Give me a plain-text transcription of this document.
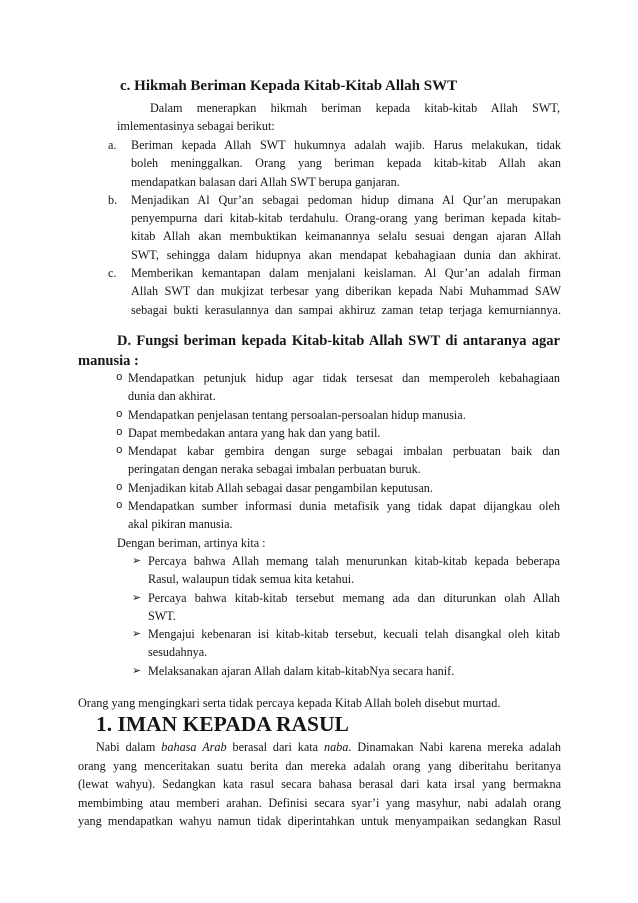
c. Hikmah Beriman Kepada Kitab-Kitab Allah SWT
Dalam menerapkan hikmah beriman kepada kitab-kitab Allah SWT,
imlementasinya sebagai berikut:
a. Beriman kepada Allah SWT hukumnya adalah wajib. Harus melakukan, tidak
boleh meninggalkan. Orang yang beriman kepada kitab-kitab Allah akan
mendapatkan balasan dari Allah SWT berupa ganjaran.
b. Menjadikan Al Qur’an sebagai pedoman hidup dimana Al Qur’an merupakan
penyempurna dari kitab-kitab terdahulu. Orang-orang yang beriman kepada kitab-
kitab Allah akan membuktikan keimanannya selalu sesuai dengan ajaran Allah
SWT, sehingga dalam hidupnya akan mendapat kebahagiaan dunia dan akhirat.
c. Memberikan kemantapan dalam menjalani keislaman. Al Qur’an adalah firman
Allah SWT dan mukjizat terbesar yang diberikan kepada Nabi Muhammad SAW
sebagai bukti kerasulannya dan sampai akhiruz zaman tetap terjaga kemurniannya.
D. Fungsi beriman kepada Kitab-kitab Allah SWT di antaranya agar
manusia :
o Mendapatkan petunjuk hidup agar tidak tersesat dan memperoleh kebahagiaan
dunia dan akhirat.
o Mendapatkan penjelasan tentang persoalan-persoalan hidup manusia.
o Dapat membedakan antara yang hak dan yang batil.
o Mendapat kabar gembira dengan surge sebagai imbalan perbuatan baik dan
peringatan dengan neraka sebagai imbalan perbuatan buruk.
o Menjadikan kitab Allah sebagai dasar pengambilan keputusan.
o Mendapatkan sumber informasi dunia metafisik yang tidak dapat dijangkau oleh
akal pikiran manusia.
Dengan beriman, artinya kita :
➢ Percaya bahwa Allah memang talah menurunkan kitab-kitab kepada beberapa
Rasul, walaupun tidak semua kita ketahui.
➢ Percaya bahwa kitab-kitab tersebut memang ada dan diturunkan olah Allah
SWT.
➢ Mengajui kebenaran isi kitab-kitab tersebut, kecuali telah disangkal oleh kitab
sesudahnya.
➢ Melaksanakan ajaran Allah dalam kitab-kitabNya secara hanif.
Orang yang mengingkari serta tidak percaya kepada Kitab Allah boleh disebut murtad.
1. IMAN KEPADA RASUL
Nabi dalam bahasa Arab berasal dari kata naba. Dinamakan Nabi karena mereka adalah
orang yang menceritakan suatu berita dan mereka adalah orang yang diberitahu beritanya
(lewat wahyu). Sedangkan kata rasul secara bahasa berasal dari kata irsal yang bermakna
membimbing atau memberi arahan. Definisi secara syar’i yang masyhur, nabi adalah orang
yang mendapatkan wahyu namun tidak diperintahkan untuk menyampaikan sedangkan Rasul
